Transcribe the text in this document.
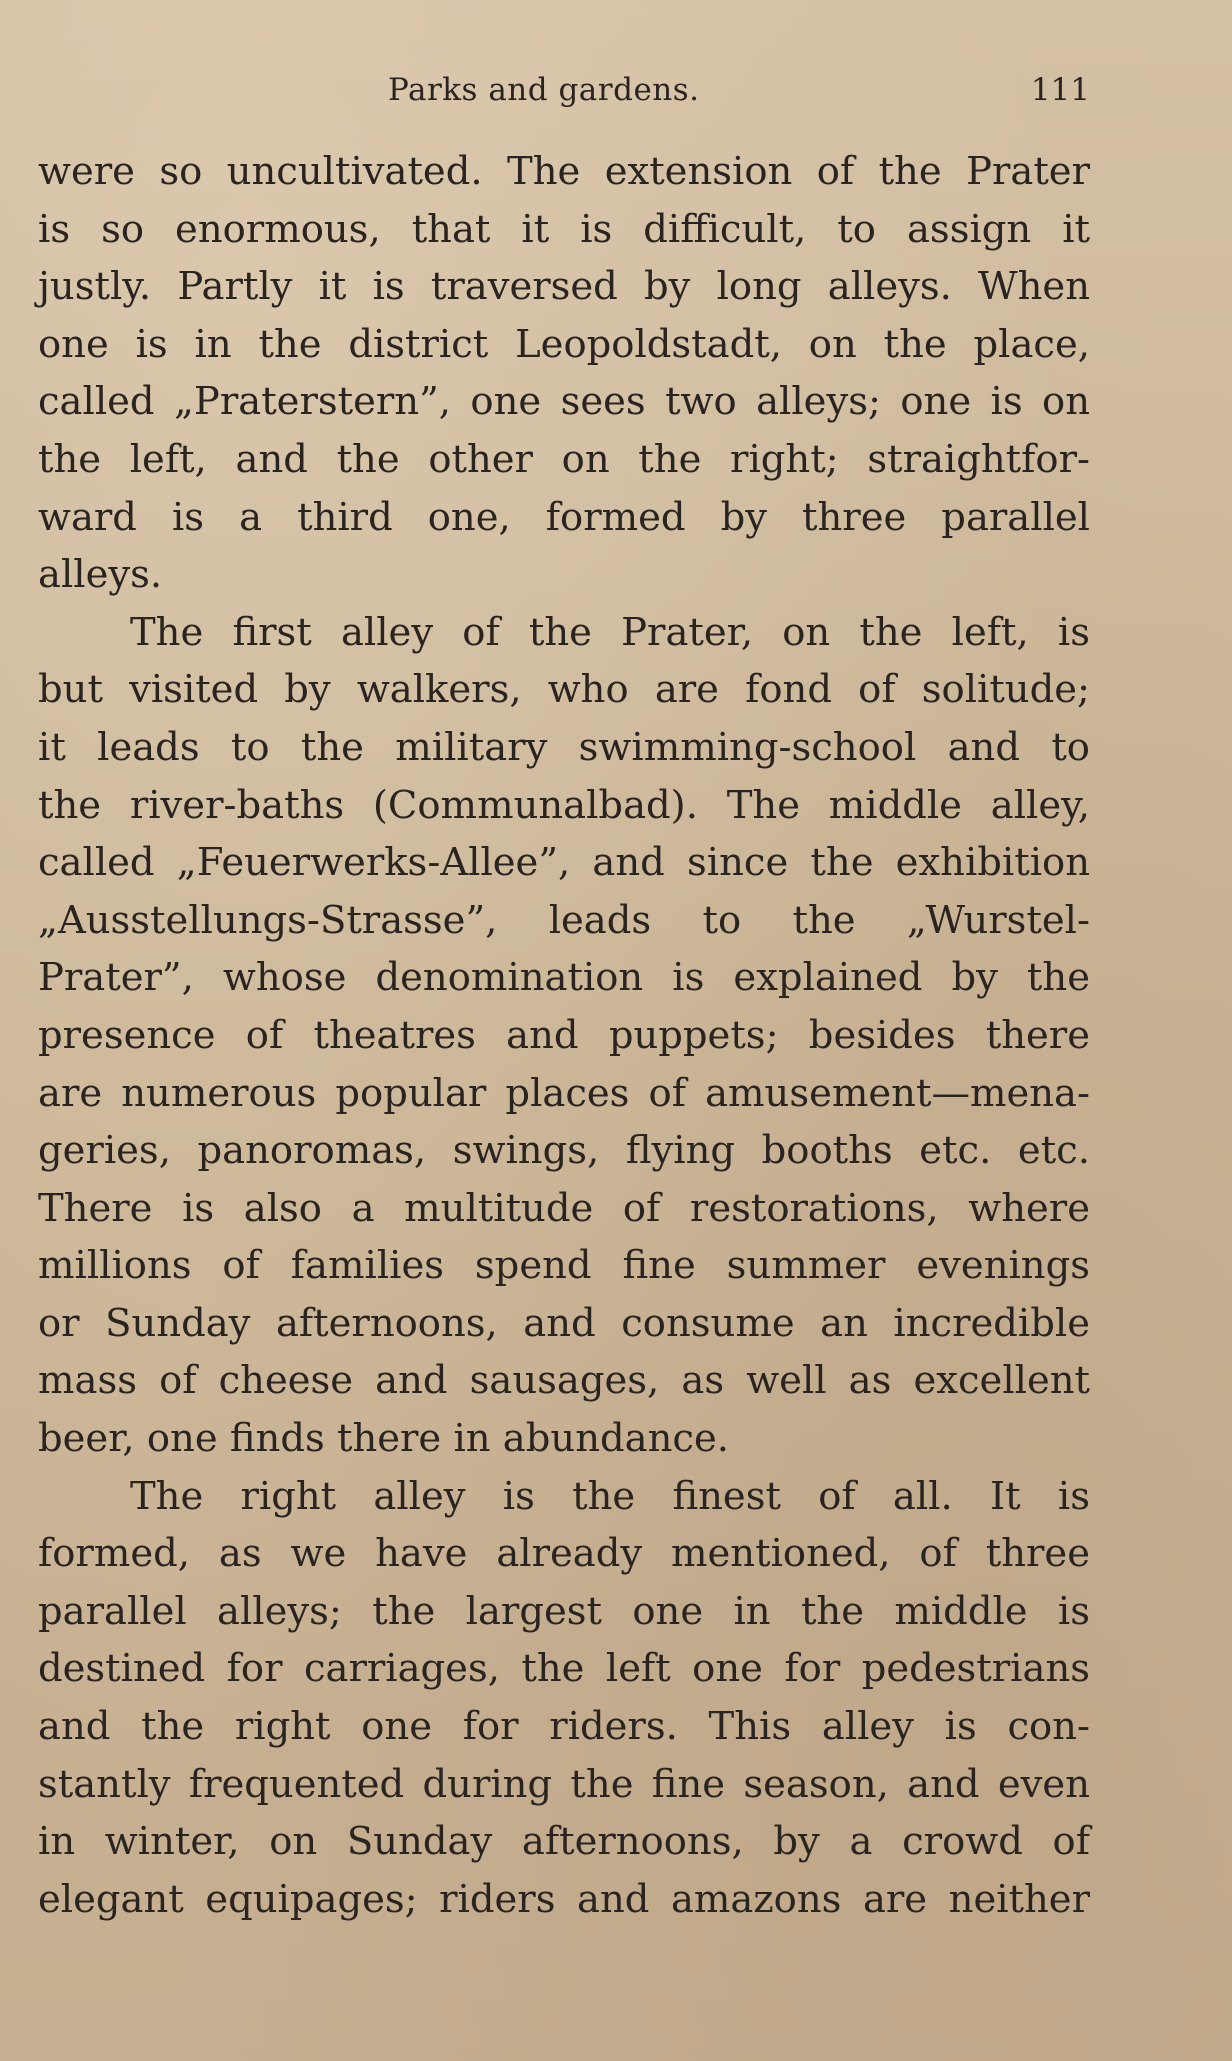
Parks and gardens.	111
were so uncultivated. The extension of the Prater
is so enormous, that it is difficult, to assign it
justly. Partly it is traversed by long alleys. When
one is in the district Leopoldstadt, on the place,
called „Praterstern”, one sees two alleys; one is on
the left, and the other on the right; straightfor-
ward is a third one, formed by three parallel
alleys.
The first alley of the Prater, on the left, is
but visited by walkers, who are fond of solitude;
it leads to the military swimming-school and to
the river-baths (Communalbad). The middle alley,
called „Feuerwerks-Allee”, and since the exhibition
„Ausstellungs-Strasse”, leads to the „Wurstel-
Prater”, whose denomination is explained by the
presence of theatres and puppets; besides there
are numerous popular places of amusement—mena-
geries, panoromas, swings, flying booths etc. etc.
There is also a multitude of restorations, where
millions of families spend fine summer evenings
or Sunday afternoons, and consume an incredible
mass of cheese and sausages, as well as excellent
beer, one finds there in abundance.
The right alley is the finest of all. It is
formed, as we have already mentioned, of three
parallel alleys; the largest one in the middle is
destined for carriages, the left one for pedestrians
and the right one for riders. This alley is con-
stantly frequented during the fine season, and even
in winter, on Sunday afternoons, by a crowd of
elegant equipages; riders and amazons are neither
